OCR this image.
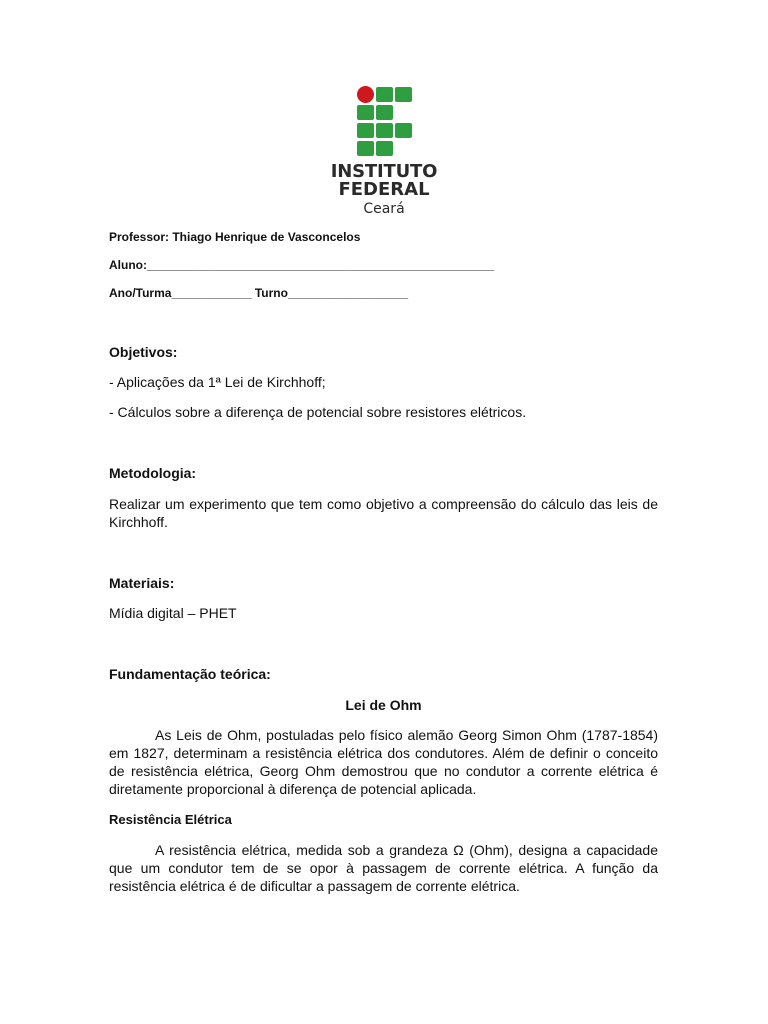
INSTITUTO
FEDERAL
Ceará
Professor: Thiago Henrique de Vasconcelos
Aluno:____________________________________________________
Ano/Turma____________ Turno__________________
Objetivos:
- Aplicações da 1ª Lei de Kirchhoff;
- Cálculos sobre a diferença de potencial sobre resistores elétricos.
Metodologia:
Realizar um experimento que tem como objetivo a compreensão do cálculo das leis de Kirchhoff.
Materiais:
Mídia digital – PHET
Fundamentação teórica:
Lei de Ohm
As Leis de Ohm, postuladas pelo físico alemão Georg Simon Ohm (1787-1854) em 1827, determinam a resistência elétrica dos condutores. Além de definir o conceito de resistência elétrica, Georg Ohm demostrou que no condutor a corrente elétrica é diretamente proporcional à diferença de potencial aplicada.
Resistência Elétrica
A resistência elétrica, medida sob a grandeza Ω (Ohm), designa a capacidade que um condutor tem de se opor à passagem de corrente elétrica. A função da resistência elétrica é de dificultar a passagem de corrente elétrica.
